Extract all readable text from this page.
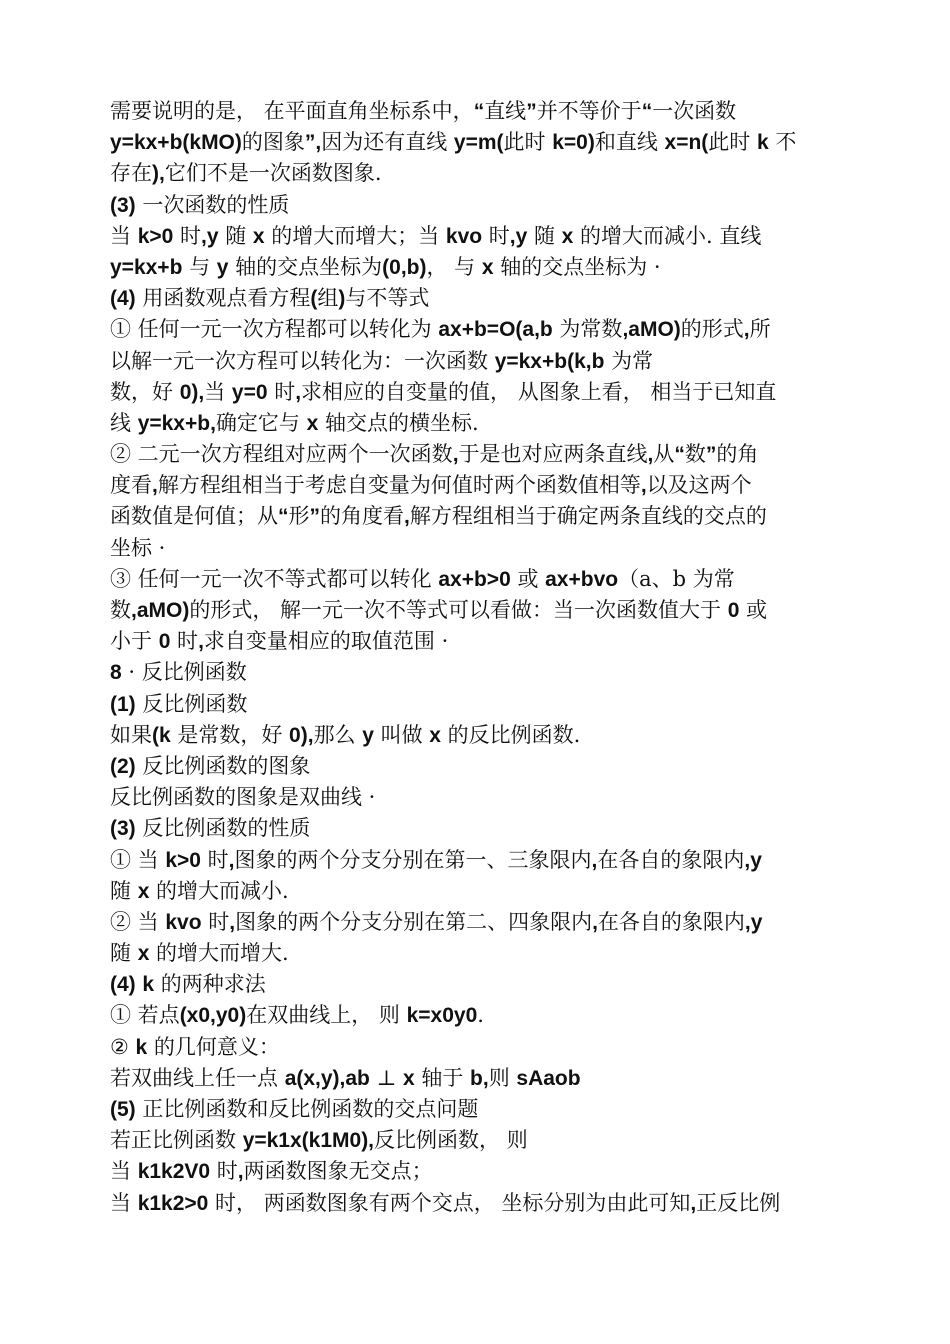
需要说明的是， 在平面直角坐标系中，“直线”并不等价于“一次函数
y=kx+b(kMO)的图象”,因为还有直线 y=m(此时 k=0)和直线 x=n(此时 k 不
存在),它们不是一次函数图象.
(3) 一次函数的性质
当 k>0 时,y 随 x 的增大而增大；当 kvo 时,y 随 x 的增大而减小. 直线
y=kx+b 与 y 轴的交点坐标为(0,b)， 与 x 轴的交点坐标为 ·
(4) 用函数观点看方程(组)与不等式
① 任何一元一次方程都可以转化为 ax+b=O(a,b 为常数,aMO)的形式,所
以解一元一次方程可以转化为：一次函数 y=kx+b(k,b 为常
数，好 0),当 y=0 时,求相应的自变量的值， 从图象上看， 相当于已知直
线 y=kx+b,确定它与 x 轴交点的横坐标.
② 二元一次方程组对应两个一次函数,于是也对应两条直线,从“数”的角
度看,解方程组相当于考虑自变量为何值时两个函数值相等,以及这两个
函数值是何值；从“形”的角度看,解方程组相当于确定两条直线的交点的
坐标 ·
③ 任何一元一次不等式都可以转化 ax+b>0 或 ax+bvo（a、b 为常
数,aMO)的形式， 解一元一次不等式可以看做：当一次函数值大于 0 或
小于 0 时,求自变量相应的取值范围 ·
8 · 反比例函数
(1) 反比例函数
如果(k 是常数，好 0),那么 y 叫做 x 的反比例函数.
(2) 反比例函数的图象
反比例函数的图象是双曲线 ·
(3) 反比例函数的性质
① 当 k>0 时,图象的两个分支分别在第一、三象限内,在各自的象限内,y
随 x 的增大而减小.
② 当 kvo 时,图象的两个分支分别在第二、四象限内,在各自的象限内,y
随 x 的增大而增大.
(4) k 的两种求法
① 若点(x0,y0)在双曲线上， 则 k=x0y0.
② k 的几何意义：
若双曲线上任一点 a(x,y),ab ⊥ x 轴于 b,则 sAaob
(5) 正比例函数和反比例函数的交点问题
若正比例函数 y=k1x(k1M0),反比例函数， 则
当 k1k2V0 时,两函数图象无交点；
当 k1k2>0 时， 两函数图象有两个交点， 坐标分别为由此可知,正反比例
